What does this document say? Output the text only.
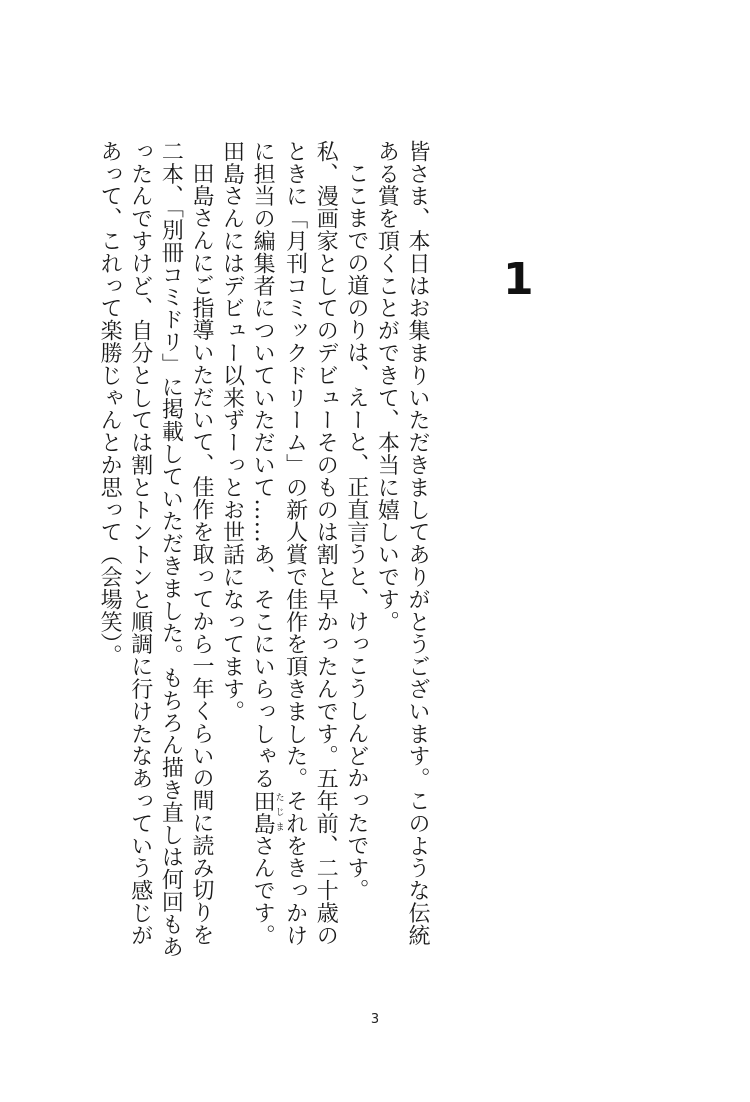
1

皆さま、本日はお集まりいただきましてありがとうございます。このような伝統ある賞を頂くことができて、本当に嬉しいです。

ここまでの道のりは、えーと、正直言うと、けっこうしんどかったです。

私、漫画家としてのデビューそのものは割と早かったんです。五年前、二十歳のときに「月刊コミックドリーム」の新人賞で佳作を頂きました。それをきっかけに担当の編集者についていただいて……あ、そこにいらっしゃる田島たじまさんです。田島さんにはデビュー以来ずーっとお世話になってます。

田島さんにご指導いただいて、佳作を取ってから一年くらいの間に読み切りを二本、「別冊コミドリ」に掲載していただきました。もちろん描き直しは何回もあったんですけど、自分としては割とトントンと順調に行けたなあっていう感じがあって、これって楽勝じゃんとか思って（会場笑）。

3
